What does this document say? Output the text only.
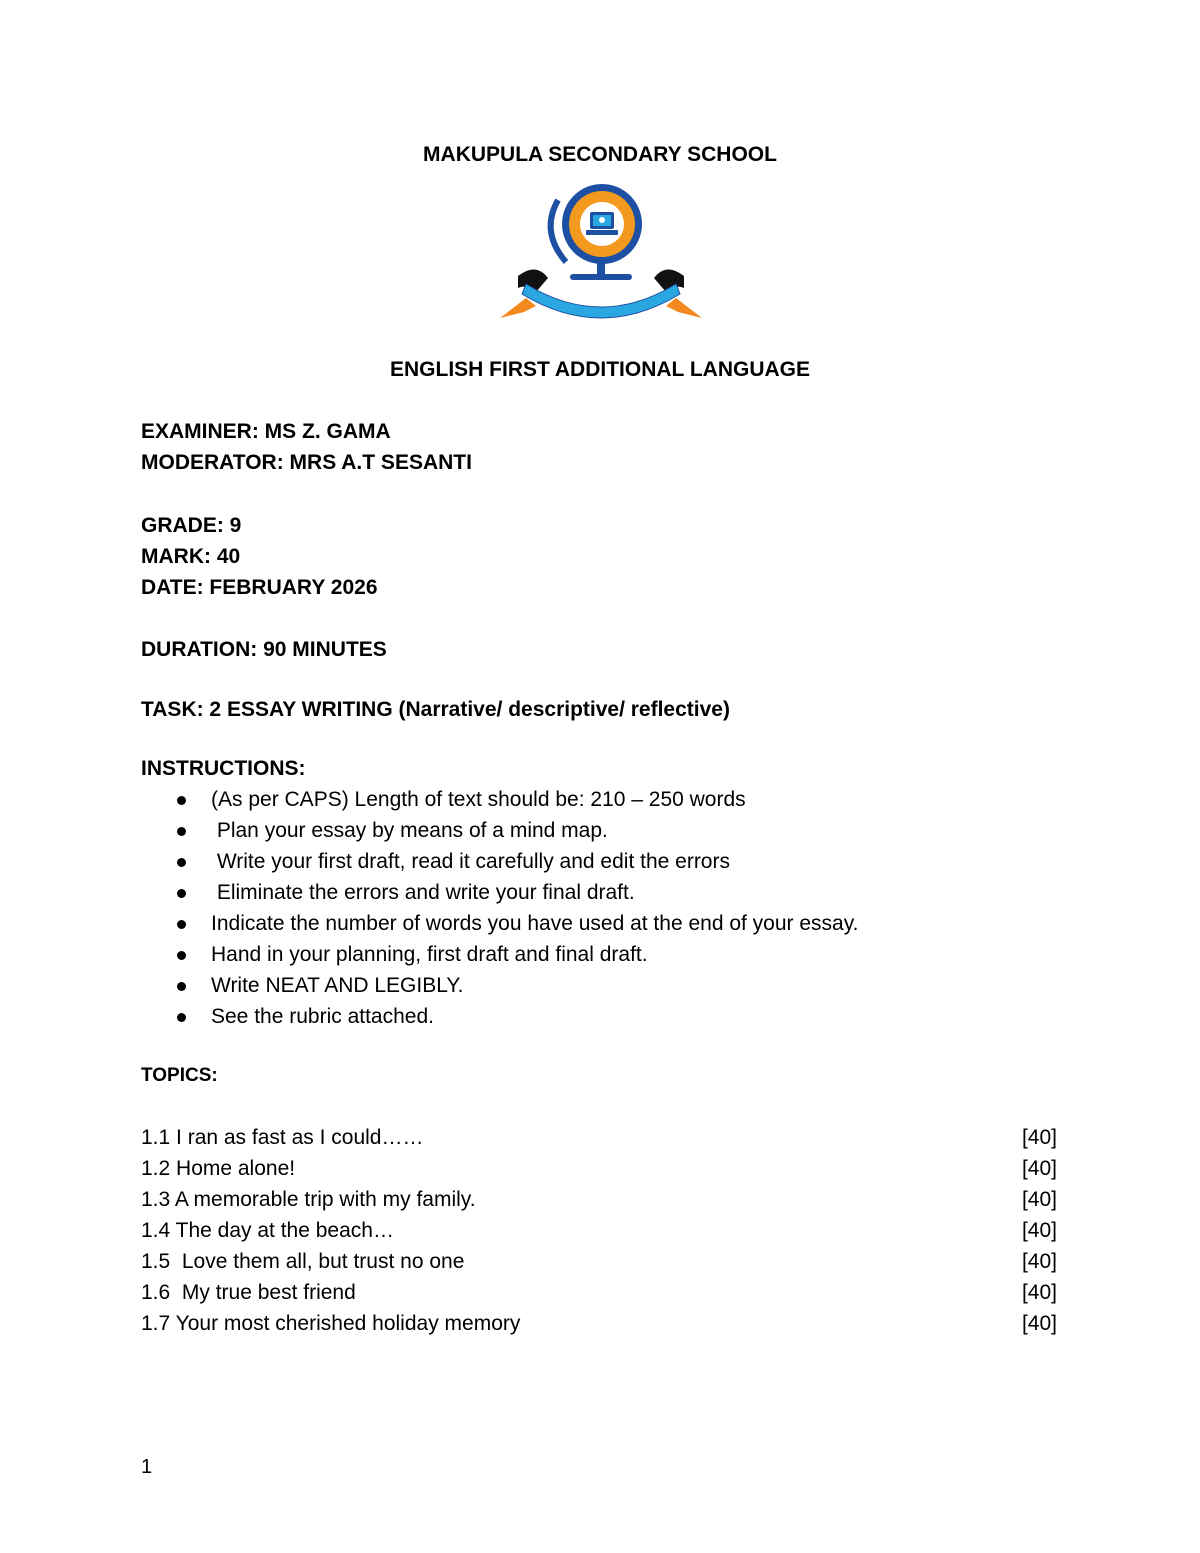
MAKUPULA SECONDARY SCHOOL
ENGLISH FIRST ADDITIONAL LANGUAGE
EXAMINER: MS Z. GAMA
MODERATOR: MRS A.T SESANTI
GRADE: 9
MARK: 40
DATE: FEBRUARY 2026
DURATION: 90 MINUTES
TASK: 2 ESSAY WRITING (Narrative/ descriptive/ reflective)
INSTRUCTIONS:
(As per CAPS) Length of text should be: 210 – 250 words
Plan your essay by means of a mind map.
Write your first draft, read it carefully and edit the errors
Eliminate the errors and write your final draft.
Indicate the number of words you have used at the end of your essay.
Hand in your planning, first draft and final draft.
Write NEAT AND LEGIBLY.
See the rubric attached.
TOPICS:
1.1 I ran as fast as I could……	[40]
1.2 Home alone!	[40]
1.3 A memorable trip with my family.	[40]
1.4 The day at the beach…	[40]
1.5  Love them all, but trust no one	[40]
1.6  My true best friend	[40]
1.7 Your most cherished holiday memory	[40]
1
